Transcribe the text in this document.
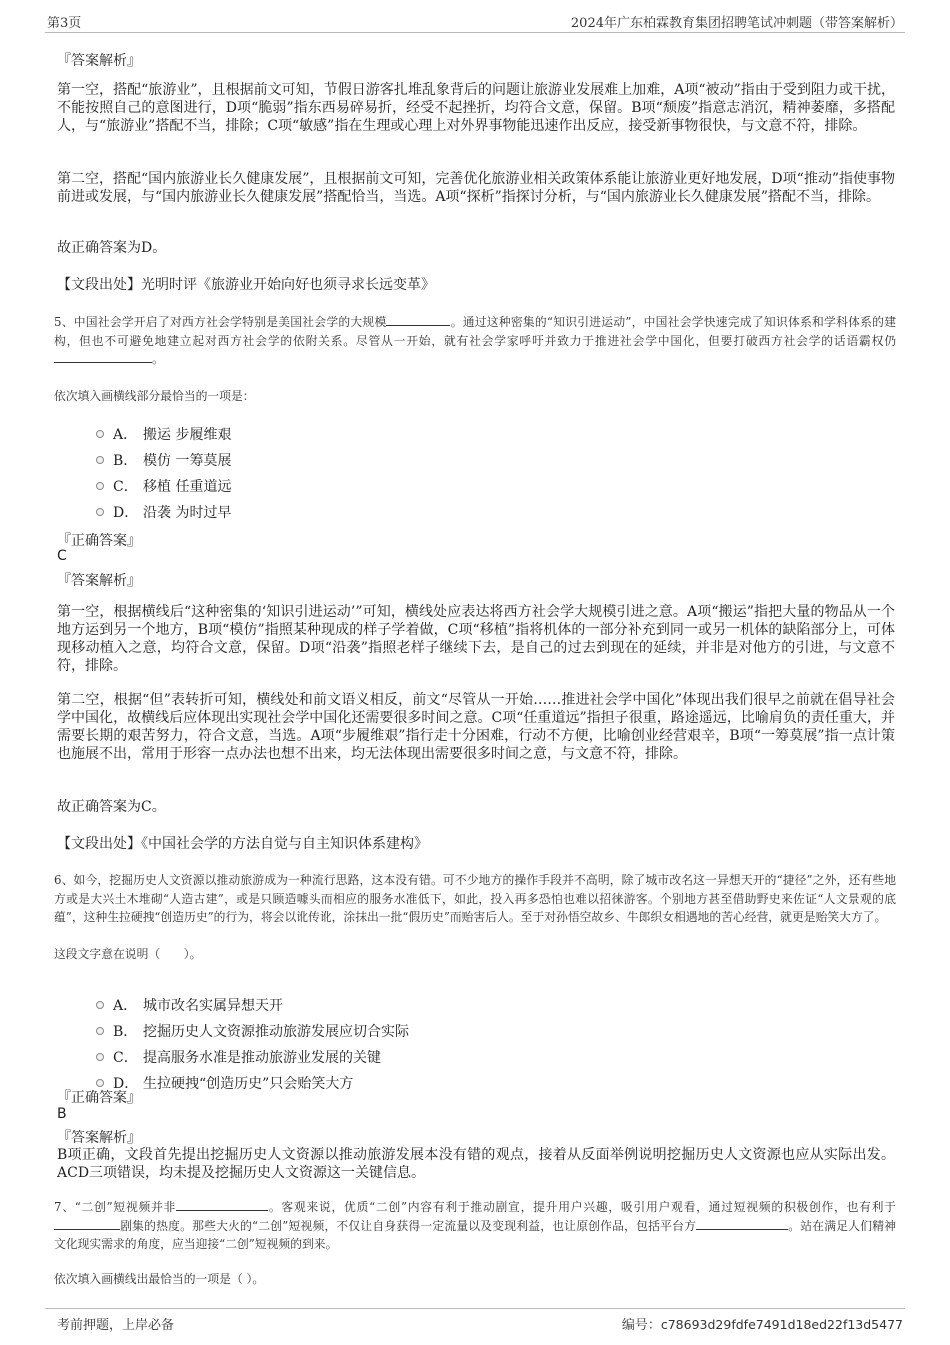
第3页	2024年广东柏霖教育集团招聘笔试冲刺题（带答案解析）
『答案解析』

第一空，搭配“旅游业”，且根据前文可知，节假日游客扎堆乱象背后的问题让旅游业发展难上加难，A项“被动”指由于受到阻力或干扰，不能按照自己的意图进行，D项“脆弱”指东西易碎易折，经受不起挫折，均符合文意，保留。B项“颓废”指意志消沉，精神萎靡，多搭配人，与“旅游业”搭配不当，排除；C项“敏感”指在生理或心理上对外界事物能迅速作出反应，接受新事物很快，与文意不符，排除。

第二空，搭配“国内旅游业长久健康发展”，且根据前文可知，完善优化旅游业相关政策体系能让旅游业更好地发展，D项“推动”指使事物前进或发展，与“国内旅游业长久健康发展”搭配恰当，当选。A项“探析”指探讨分析，与“国内旅游业长久健康发展”搭配不当，排除。

故正确答案为D。
【文段出处】光明时评《旅游业开始向好也须寻求长远变革》

5、中国社会学开启了对西方社会学特别是美国社会学的大规模	。通过这种密集的“知识引进运动”，中国社会学快速完成了知识体系和学科体系的建构，但也不可避免地建立起对西方社会学的依附关系。尽管从一开始，就有社会学家呼吁并致力于推进社会学中国化，但要打破西方社会学的话语霸权仍。

依次填入画横线部分最恰当的一项是：
A． 搬运 步履维艰
B． 模仿 一筹莫展
C． 移植 任重道远
D． 沿袭 为时过早
『正确答案』
C
『答案解析』

第一空，根据横线后“这种密集的‘知识引进运动’”可知，横线处应表达将西方社会学大规模引进之意。A项“搬运”指把大量的物品从一个地方运到另一个地方，B项“模仿”指照某种现成的样子学着做，C项“移植”指将机体的一部分补充到同一或另一机体的缺陷部分上，可体现移动植入之意，均符合文意，保留。D项“沿袭”指照老样子继续下去，是自己的过去到现在的延续，并非是对他方的引进，与文意不符，排除。

第二空，根据“但”表转折可知，横线处和前文语义相反，前文“尽管从一开始……推进社会学中国化”体现出我们很早之前就在倡导社会学中国化，故横线后应体现出实现社会学中国化还需要很多时间之意。C项“任重道远”指担子很重，路途遥远，比喻肩负的责任重大，并需要长期的艰苦努力，符合文意，当选。A项“步履维艰”指行走十分困难，行动不方便，比喻创业经营艰辛，B项“一筹莫展”指一点计策也施展不出，常用于形容一点办法也想不出来，均无法体现出需要很多时间之意，与文意不符，排除。

故正确答案为C。
【文段出处】《中国社会学的方法自觉与自主知识体系建构》

6、如今，挖掘历史人文资源以推动旅游成为一种流行思路，这本没有错。可不少地方的操作手段并不高明，除了城市改名这一异想天开的“捷径”之外，还有些地方或是大兴土木堆砌“人造古建”，或是只顾造噱头而相应的服务水准低下，如此，投入再多恐怕也难以招徕游客。个别地方甚至借助野史来佐证“人文景观的底蕴”，这种生拉硬拽“创造历史”的行为，将会以讹传讹，涂抹出一批“假历史”而贻害后人。至于对孙悟空故乡、牛郎织女相遇地的苦心经营，就更是贻笑大方了。

这段文字意在说明（　　）。
A． 城市改名实属异想天开
B． 挖掘历史人文资源推动旅游发展应切合实际
C． 提高服务水准是推动旅游业发展的关键
D． 生拉硬拽“创造历史”只会贻笑大方
『正确答案』
B
『答案解析』

B项正确，文段首先提出挖掘历史人文资源以推动旅游发展本没有错的观点，接着从反面举例说明挖掘历史人文资源也应从实际出发。ACD三项错误，均未提及挖掘历史人文资源这一关键信息。

7、“二创”短视频并非	。客观来说，优质“二创”内容有利于推动剧宣，提升用户兴趣，吸引用户观看，通过短视频的积极创作，也有利于剧集的热度。那些大火的“二创”短视频，不仅让自身获得一定流量以及变现利益，也让原创作品，包括平台方	。站在满足人们精神文化现实需求的角度，应当迎接“二创”短视频的到来。

依次填入画横线出最恰当的一项是（ ）。
考前押题，上岸必备	编号：c78693d29fdfe7491d18ed22f13d5477
